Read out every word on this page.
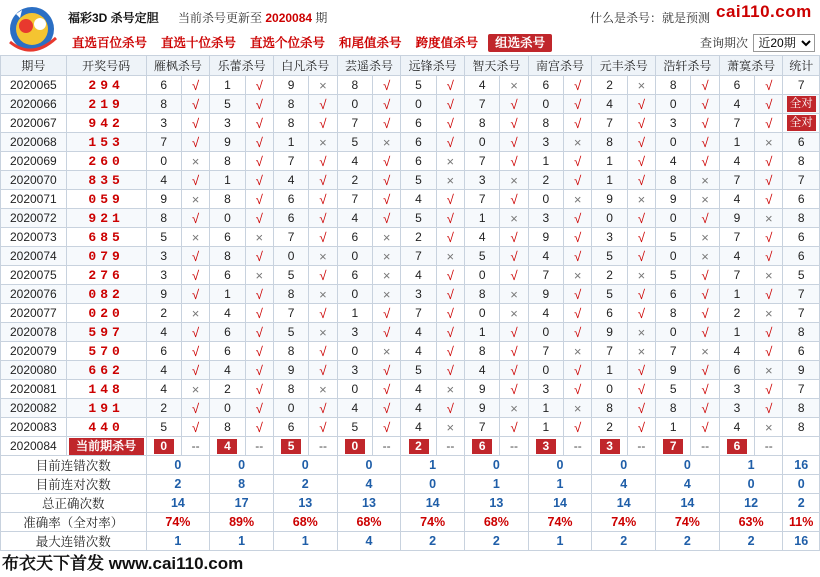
福彩3D 杀号定胆 当前杀号更新至 2020084 期	什么是杀号：就是预测 cai110.com
直选百位杀号 直选十位杀号 直选个位杀号 和尾值杀号 跨度值杀号	组选杀号	查询期次
近20期
期号	开奖号码	雁枫杀号		乐蕾杀号		白凡杀号		芸遥杀号		远锋杀号		智天杀号		南宫杀号		元丰杀号		浩轩杀号		萧寞杀号		统计
2020065	294	6	√	1	√	9	×	8	√	5	√	4	×	6	√	2	×	8	√	6	√	7
2020066	219	8	√	5	√	8	√	0	√	0	√	7	√	0	√	4	√	0	√	4	√	全对
2020067	942	3	√	3	√	8	√	7	√	6	√	8	√	8	√	7	√	3	√	7	√	全对
2020068	153	7	√	9	√	1	×	5	×	6	√	0	√	3	×	8	√	0	√	1	×	6
2020069	260	0	×	8	√	7	√	4	√	6	×	7	√	1	√	1	√	4	√	4	√	8
2020070	835	4	√	1	√	4	√	2	√	5	×	3	×	2	√	1	√	8	×	7	√	7
2020071	059	9	×	8	√	6	√	7	√	4	√	7	√	0	×	9	×	9	×	4	√	6
2020072	921	8	√	0	√	6	√	4	√	5	√	1	×	3	√	0	√	0	√	9	×	8
2020073	685	5	×	6	×	7	√	6	×	2	√	4	√	9	√	3	√	5	×	7	√	6
2020074	079	3	√	8	√	0	×	0	×	7	×	5	√	4	√	5	√	0	×	4	√	6
2020075	276	3	√	6	×	5	√	6	×	4	√	0	√	7	×	2	×	5	√	7	×	5
2020076	082	9	√	1	√	8	×	0	×	3	√	8	×	9	√	5	√	6	√	1	√	7
2020077	020	2	×	4	√	7	√	1	√	7	√	0	×	4	√	6	√	8	√	2	×	7
2020078	597	4	√	6	√	5	×	3	√	4	√	1	√	0	√	9	×	0	√	1	√	8
2020079	570	6	√	6	√	8	√	0	×	4	√	8	√	7	×	7	×	7	×	4	√	6
2020080	662	4	√	4	√	9	√	3	√	5	√	4	√	0	√	1	√	9	√	6	×	9
2020081	148	4	×	2	√	8	×	0	√	4	×	9	√	3	√	0	√	5	√	3	√	7
2020082	191	2	√	0	√	0	√	4	√	4	√	9	×	1	×	8	√	8	√	3	√	8
2020083	440	5	√	8	√	6	√	5	√	4	×	7	√	1	√	2	√	1	√	4	×	8
2020084	当前期杀号	0	--	4	--	5	--	0	--	2	--	6	--	3	--	3	--	7	--	6	--	
目前连错次数		0		0		0		0		1		0		0		0		0		1		16
目前连对次数		2		8		2		4		0		1		1		4		4		0		0
总正确次数		14		17		13		13		14		13		14		14		14		12		2
准确率（全对率）		74%		89%		68%		68%		74%		68%		74%		74%		74%		63%		11%
最大连错次数		1		1		1		4		2		2		1		2		2		2		16
布衣天下首发 www.cai110.com
